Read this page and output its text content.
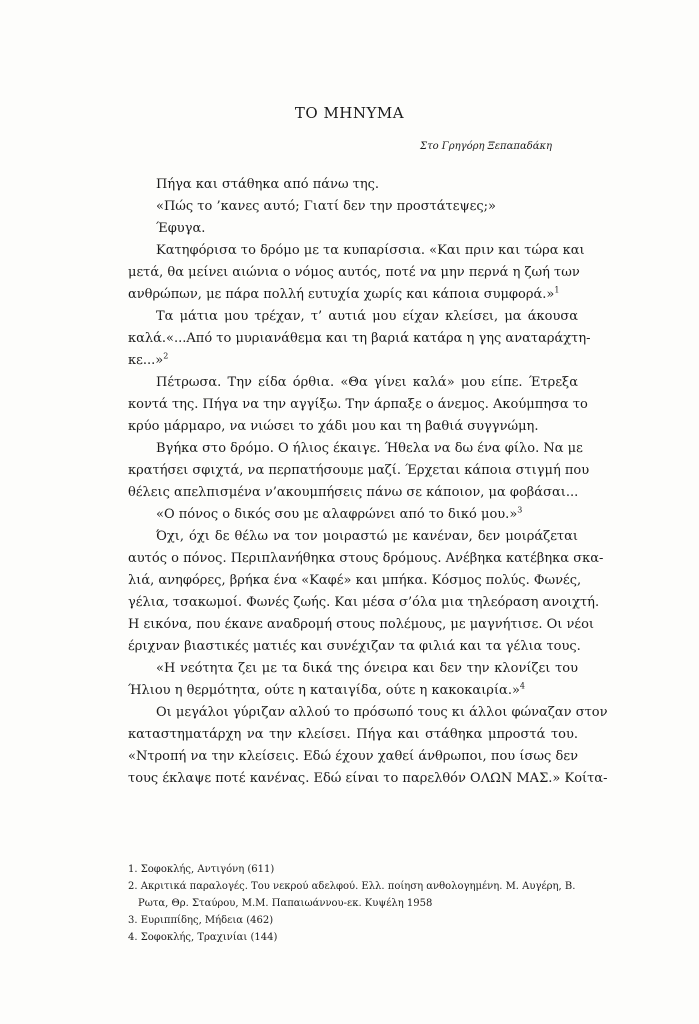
ΤΟ ΜΗΝΥΜΑ
Στο Γρηγόρη Ξεπαπαδάκη
Πήγα και στάθηκα από πάνω της.
«Πώς το ’κανες αυτό; Γιατί δεν την προστάτεψες;»
Έφυγα.
Κατηφόρισα το δρόμο με τα κυπαρίσσια. «Και πριν και τώρα και
μετά, θα μείνει αιώνια ο νόμος αυτός, ποτέ να μην περνά η ζωή των
ανθρώπων, με πάρα πολλή ευτυχία χωρίς και κάποια συμφορά.»$^1$
Τα μάτια μου τρέχαν, τ’ αυτιά μου είχαν κλείσει, μα άκουσα
καλά.«...Από το μυριανάθεμα και τη βαριά κατάρα η γης αναταράχτη-
κε...»$^2$
Πέτρωσα. Την είδα όρθια. «Θα γίνει καλά» μου είπε. Έτρεξα
κοντά της. Πήγα να την αγγίξω. Την άρπαξε ο άνεμος. Ακούμπησα το
κρύο μάρμαρο, να νιώσει το χάδι μου και τη βαθιά συγγνώμη.
Βγήκα στο δρόμο. Ο ήλιος έκαιγε. Ήθελα να δω ένα φίλο. Να με
κρατήσει σφιχτά, να περπατήσουμε μαζί. Έρχεται κάποια στιγμή που
θέλεις απελπισμένα ν’ακουμπήσεις πάνω σε κάποιον, μα φοβάσαι...
«Ο πόνος ο δικός σου με αλαφρώνει από το δικό μου.»$^3$
Όχι, όχι δε θέλω να τον μοιραστώ με κανέναν, δεν μοιράζεται
αυτός ο πόνος. Περιπλανήθηκα στους δρόμους. Ανέβηκα κατέβηκα σκα-
λιά, ανηφόρες, βρήκα ένα «Καφέ» και μπήκα. Κόσμος πολύς. Φωνές,
γέλια, τσακωμοί. Φωνές ζωής. Και μέσα σ’όλα μια τηλεόραση ανοιχτή.
Η εικόνα, που έκανε αναδρομή στους πολέμους, με μαγνήτισε. Οι νέοι
έριχναν βιαστικές ματιές και συνέχιζαν τα φιλιά και τα γέλια τους.
«Η νεότητα ζει με τα δικά της όνειρα και δεν την κλονίζει του
Ήλιου η θερμότητα, ούτε η καταιγίδα, ούτε η κακοκαιρία.»$^4$
Οι μεγάλοι γύριζαν αλλού το πρόσωπό τους κι άλλοι φώναζαν στον
καταστηματάρχη να την κλείσει. Πήγα και στάθηκα μπροστά του.
«Ντροπή να την κλείσεις. Εδώ έχουν χαθεί άνθρωποι, που ίσως δεν
τους έκλαψε ποτέ κανένας. Εδώ είναι το παρελθόν ΟΛΩΝ ΜΑΣ.» Κοίτα-
1. Σοφοκλής, Αντιγόνη (611)
2. Ακριτικά παραλογές. Του νεκρού αδελφού. Ελλ. ποίηση ανθολογημένη. Μ. Αυγέρη, Β.
Ρωτα, Θρ. Σταύρου, Μ.Μ. Παπαιωάννου-εκ. Κυψέλη 1958
3. Ευριππίδης, Μήδεια (462)
4. Σοφοκλής, Τραχινίαι (144)
